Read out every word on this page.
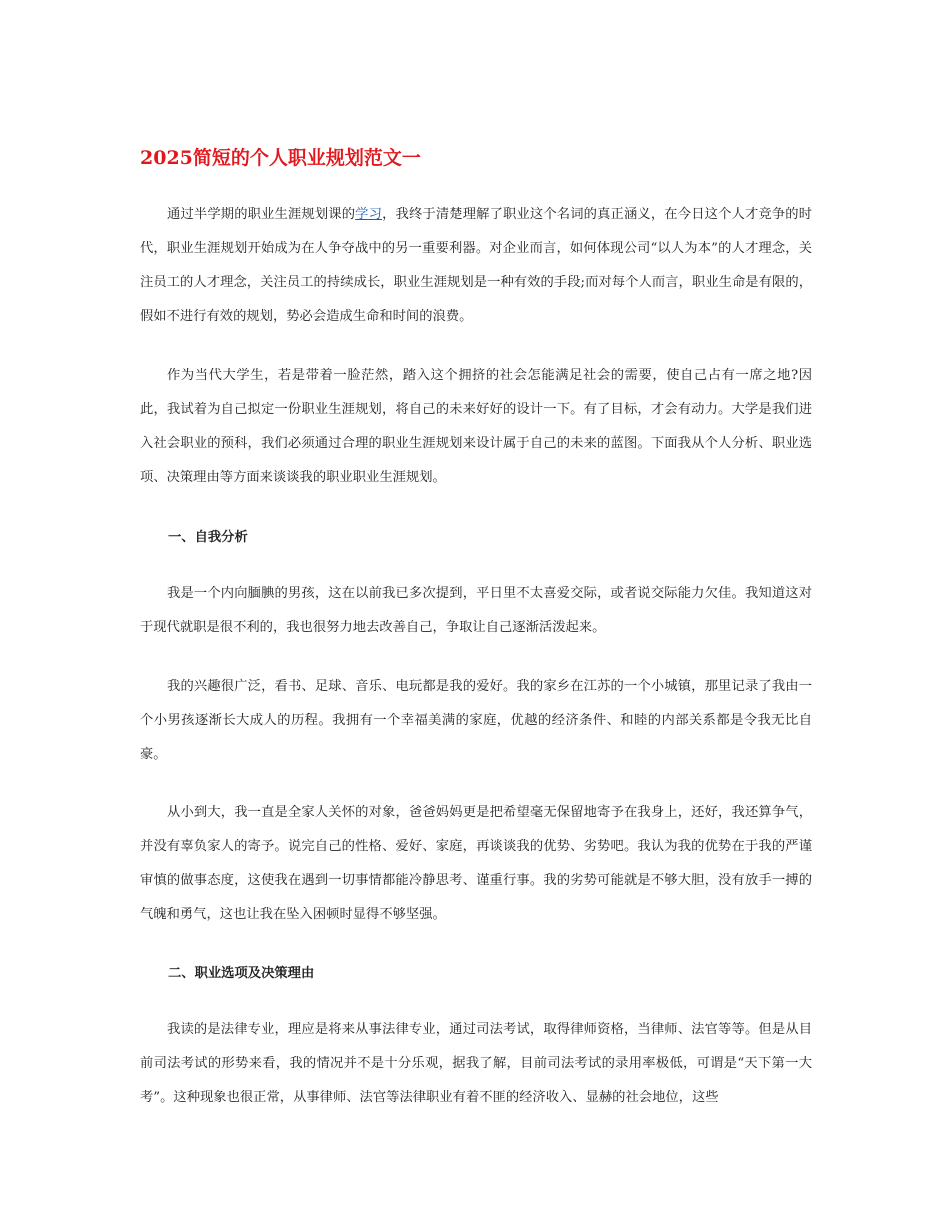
2025简短的个人职业规划范文一

通过半学期的职业生涯规划课的学习，我终于清楚理解了职业这个名词的真正涵义，在今日这个人才竞争的时代，职业生涯规划开始成为在人争夺战中的另一重要利器。对企业而言，如何体现公司“以人为本”的人才理念，关注员工的人才理念，关注员工的持续成长，职业生涯规划是一种有效的手段;而对每个人而言，职业生命是有限的，假如不进行有效的规划，势必会造成生命和时间的浪费。

作为当代大学生，若是带着一脸茫然，踏入这个拥挤的社会怎能满足社会的需要，使自己占有一席之地?因此，我试着为自己拟定一份职业生涯规划，将自己的未来好好的设计一下。有了目标，才会有动力。大学是我们进入社会职业的预科，我们必须通过合理的职业生涯规划来设计属于自己的未来的蓝图。下面我从个人分析、职业选项、决策理由等方面来谈谈我的职业职业生涯规划。

一、自我分析

我是一个内向腼腆的男孩，这在以前我已多次提到，平日里不太喜爱交际，或者说交际能力欠佳。我知道这对于现代就职是很不利的，我也很努力地去改善自己，争取让自己逐渐活泼起来。

我的兴趣很广泛，看书、足球、音乐、电玩都是我的爱好。我的家乡在江苏的一个小城镇，那里记录了我由一个小男孩逐渐长大成人的历程。我拥有一个幸福美满的家庭，优越的经济条件、和睦的内部关系都是令我无比自豪。

从小到大，我一直是全家人关怀的对象，爸爸妈妈更是把希望毫无保留地寄予在我身上，还好，我还算争气，并没有辜负家人的寄予。说完自己的性格、爱好、家庭，再谈谈我的优势、劣势吧。我认为我的优势在于我的严谨审慎的做事态度，这使我在遇到一切事情都能冷静思考、谨重行事。我的劣势可能就是不够大胆，没有放手一搏的气魄和勇气，这也让我在坠入困顿时显得不够坚强。

二、职业选项及决策理由

我读的是法律专业，理应是将来从事法律专业，通过司法考试，取得律师资格，当律师、法官等等。但是从目前司法考试的形势来看，我的情况并不是十分乐观，据我了解，目前司法考试的录用率极低，可谓是“天下第一大考”。这种现象也很正常，从事律师、法官等法律职业有着不匪的经济收入、显赫的社会地位，这些
